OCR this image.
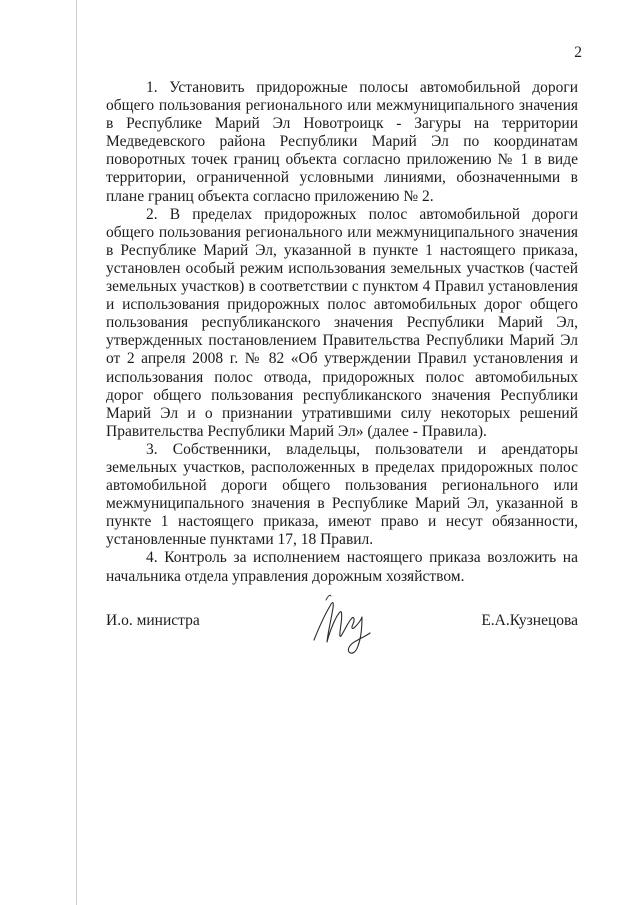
2

1. Установить придорожные полосы автомобильной дороги общего пользования регионального или межмуниципального значения в Республике Марий Эл Новотроицк - Загуры на территории Медведевского района Республики Марий Эл по координатам поворотных точек границ объекта согласно приложению № 1 в виде территории, ограниченной условными линиями, обозначенными в плане границ объекта согласно приложению № 2.

2. В пределах придорожных полос автомобильной дороги общего пользования регионального или межмуниципального значения в Республике Марий Эл, указанной в пункте 1 настоящего приказа, установлен особый режим использования земельных участков (частей земельных участков) в соответствии с пунктом 4 Правил установления и использования придорожных полос автомобильных дорог общего пользования республиканского значения Республики Марий Эл, утвержденных постановлением Правительства Республики Марий Эл от 2 апреля 2008 г. № 82 «Об утверждении Правил установления и использования полос отвода, придорожных полос автомобильных дорог общего пользования республиканского значения Республики Марий Эл и о признании утратившими силу некоторых решений Правительства Республики Марий Эл» (далее - Правила).

3. Собственники, владельцы, пользователи и арендаторы земельных участков, расположенных в пределах придорожных полос автомобильной дороги общего пользования регионального или межмуниципального значения в Республике Марий Эл, указанной в пункте 1 настоящего приказа, имеют право и несут обязанности, установленные пунктами 17, 18 Правил.

4. Контроль за исполнением настоящего приказа возложить на начальника отдела управления дорожным хозяйством.

И.о. министра	Е.А.Кузнецова
